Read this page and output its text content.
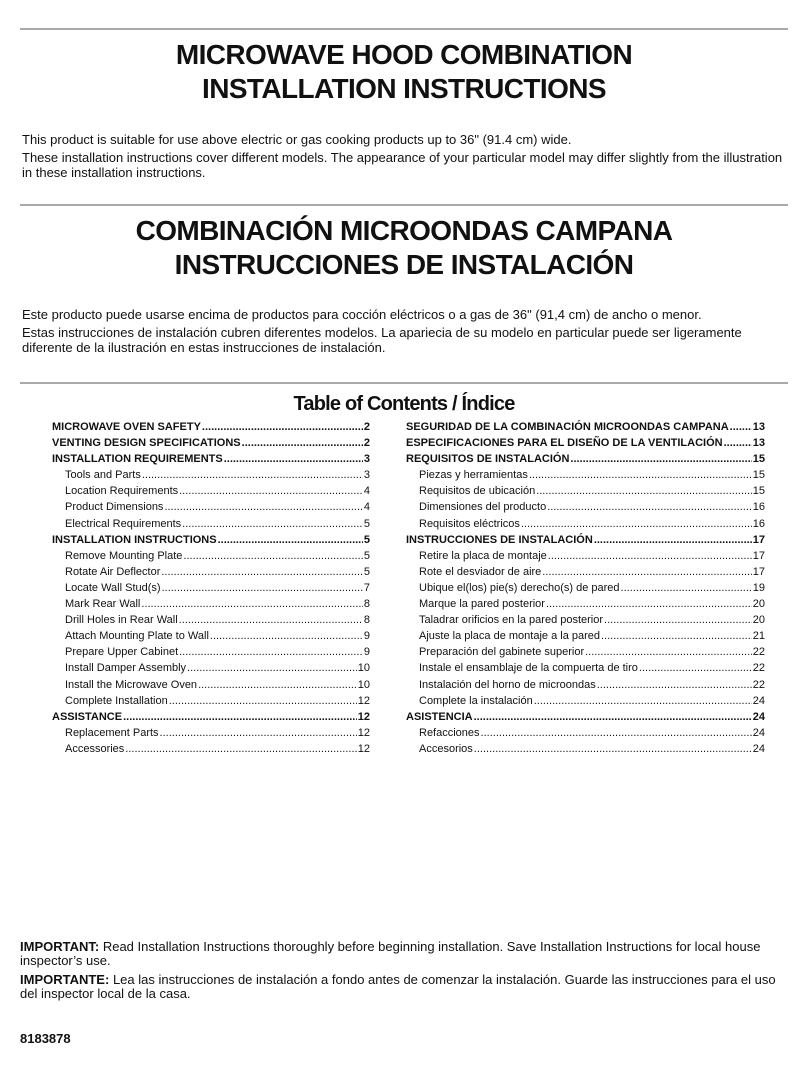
MICROWAVE HOOD COMBINATION
INSTALLATION INSTRUCTIONS

This product is suitable for use above electric or gas cooking products up to 36" (91.4 cm) wide.

These installation instructions cover different models. The appearance of your particular model may differ slightly from the illustration in these installation instructions.

COMBINACIÓN MICROONDAS CAMPANA
INSTRUCCIONES DE INSTALACIÓN

Este producto puede usarse encima de productos para cocción eléctricos o a gas de 36" (91,4 cm) de ancho o menor.

Estas instrucciones de instalación cubren diferentes modelos. La apariecia de su modelo en particular puede ser ligeramente diferente de la ilustración en estas instrucciones de instalación.

Table of Contents / Índice
MICROWAVE OVEN SAFETY .....	2
VENTING DESIGN SPECIFICATIONS .....	2
INSTALLATION REQUIREMENTS .....	3
Tools and Parts .....	3
Location Requirements .....	4
Product Dimensions .....	4
Electrical Requirements .....	5
INSTALLATION INSTRUCTIONS .....	5
Remove Mounting Plate .....	5
Rotate Air Deflector .....	5
Locate Wall Stud(s) .....	7
Mark Rear Wall .....	8
Drill Holes in Rear Wall .....	8
Attach Mounting Plate to Wall .....	9
Prepare Upper Cabinet .....	9
Install Damper Assembly .....	10
Install the Microwave Oven .....	10
Complete Installation .....	12
ASSISTANCE .....	12
Replacement Parts .....	12
Accessories .....	12
SEGURIDAD DE LA COMBINACIÓN MICROONDAS CAMPANA ..... 13
ESPECIFICACIONES PARA EL DISEÑO DE LA VENTILACIÓN .....	13
REQUISITOS DE INSTALACIÓN .....	15
Piezas y herramientas .....	15
Requisitos de ubicación .....	15
Dimensiones del producto .....	16
Requisitos eléctricos .....	16
INSTRUCCIONES DE INSTALACIÓN .....	17
Retire la placa de montaje .....	17
Rote el desviador de aire .....	17
Ubique el(los) pie(s) derecho(s) de pared .....	19
Marque la pared posterior .....	20
Taladrar orificios en la pared posterior .....	20
Ajuste la placa de montaje a la pared .....	21
Preparación del gabinete superior .....	22
Instale el ensamblaje de la compuerta de tiro .....	22
Instalación del horno de microondas .....	22
Complete la instalación .....	24
ASISTENCIA .....	24
Refacciones .....	24
Accesorios .....	24

IMPORTANT: Read Installation Instructions thoroughly before beginning installation. Save Installation Instructions for local house inspector’s use.

IMPORTANTE: Lea las instrucciones de instalación a fondo antes de comenzar la instalación. Guarde las instrucciones para el uso del inspector local de la casa.

8183878
